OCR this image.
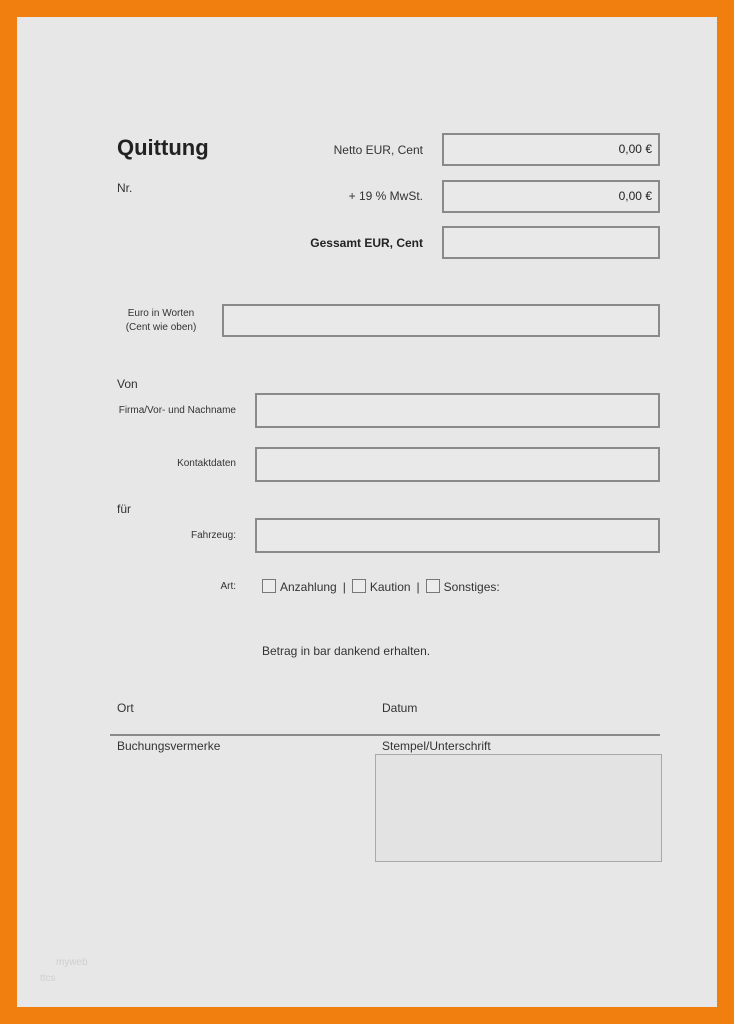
Quittung
Nr.
Netto EUR, Cent	0,00 €
+ 19 % MwSt.	0,00 €
Gessamt EUR, Cent
Euro in Worten
(Cent wie oben)
Von
Firma/Vor- und Nachname
Kontaktdaten
für
Fahrzeug:
Art:	Anzahlung | Kaution | Sonstiges:
Betrag in bar dankend erhalten.
Ort	Datum
Buchungsvermerke	Stempel/Unterschrift
myweb
ttcs
